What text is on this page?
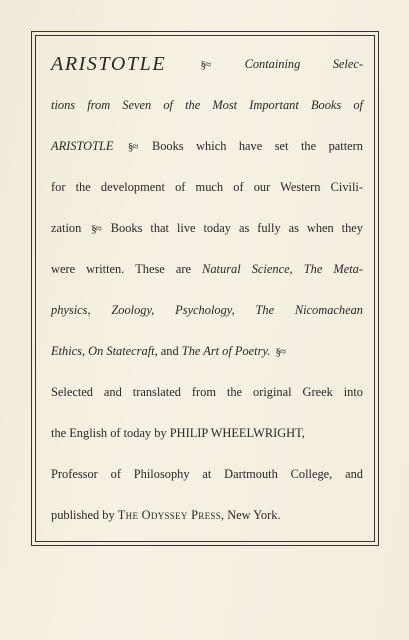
ARISTOTLE	§≈	Containing Selec-
tions from Seven of the Most Important Books of
ARISTOTLE §≈ Books which have set the pattern
for the development of much of our Western Civili-
zation §≈ Books that live today as fully as when they
were written. These are Natural Science, The Meta-
physics, Zoology, Psychology, The Nicomachean
Ethics, On Statecraft, and The Art of Poetry. §≈
Selected and translated from the original Greek into
the English of today by PHILIP WHEELWRIGHT,
Professor of Philosophy at Dartmouth College, and
published by The Odyssey Press, New York.
